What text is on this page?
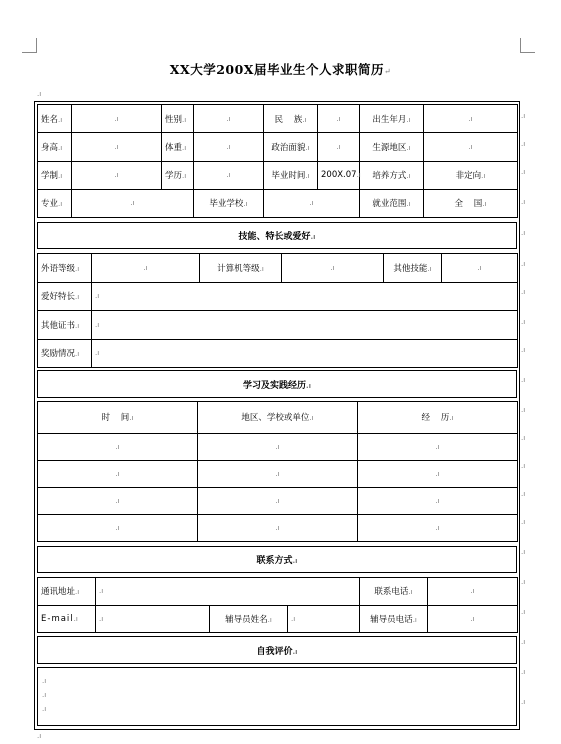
XX大学200X届毕业生个人求职简历↵
.ı
姓名.ı	.ı	性别.ı	.ı	民    族.ı	.ı	出生年月.ı	.ı
身高.ı	.ı	体重.ı	.ı	政治面貌.ı	.ı	生源地区.ı	.ı
学制.ı	.ı	学历.ı	.ı	毕业时间.ı	200X.07.ı	培养方式.ı	非定向.ı
专业.ı	.ı		毕业学校.ı	.ı		就业范围.ı	全    国.ı
技能、特长或爱好.ı
外语等级.ı	.ı	计算机等级.ı	.ı	其他技能.ı	.ı
爱好特长.ı	.ı				
其他证书.ı	.ı				
奖励情况.ı	.ı				
学习及实践经历.ı
时    间.ı	地区、学校或单位.ı	经    历.ı
.ı	.ı	.ı
.ı	.ı	.ı
.ı	.ı	.ı
.ı	.ı	.ı
联系方式.ı
通讯地址.ı	.ı			联系电话.ı	.ı
E-mail.ı	.ı	辅导员姓名.ı	.ı	辅导员电话.ı	.ı
自我评价.ı
.ı
.ı
.ı
.ı
.ı
.ı
.ı
.ı
.ı
.ı
.ı
.ı
.ı
.ı
.ı
.ı
.ı
.ı
.ı
.ı
.ı
.ı
.ı
.ı
.ı
